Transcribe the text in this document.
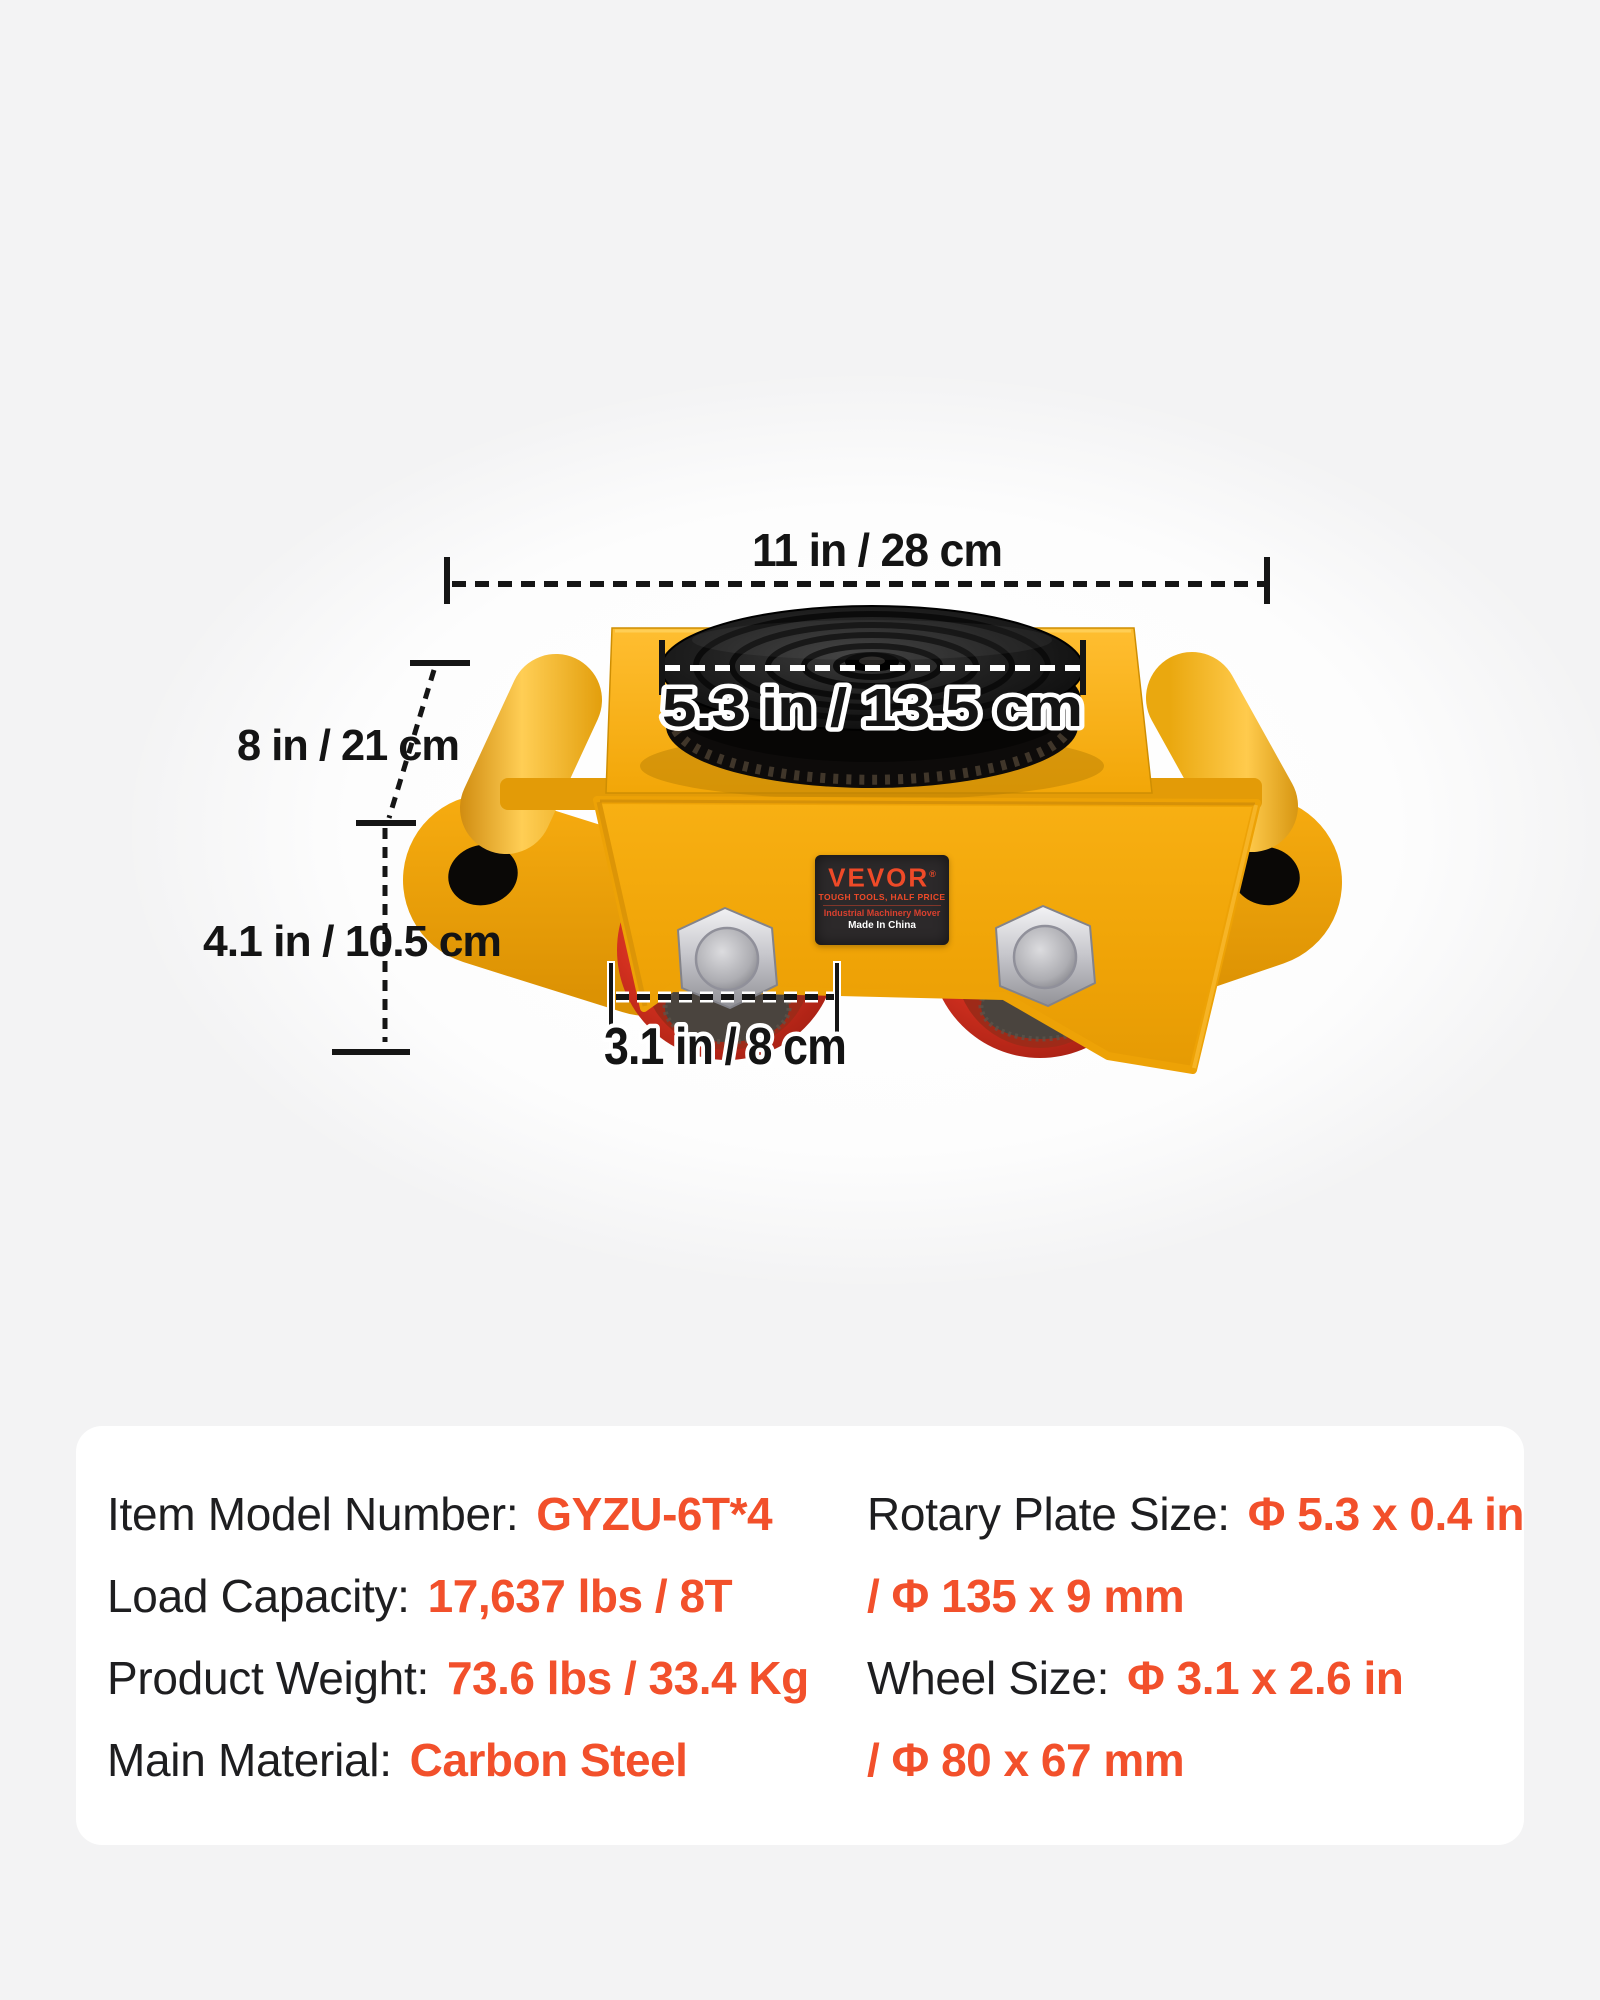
11 in / 28 cm
5.3 in / 13.5 cm
8 in / 21 cm
4.1 in / 10.5 cm
3.1 in / 8 cm
VEVOR®
TOUGH TOOLS, HALF PRICE
Industrial Machinery Mover
Made In China
Item Model Number: GYZU-6T*4
Load Capacity: 17,637 lbs / 8T
Product Weight: 73.6 lbs / 33.4 Kg
Main Material: Carbon Steel
Rotary Plate Size: Φ 5.3 x 0.4 in
/ Φ 135 x 9 mm
Wheel Size: Φ 3.1 x 2.6 in
/ Φ 80 x 67 mm
